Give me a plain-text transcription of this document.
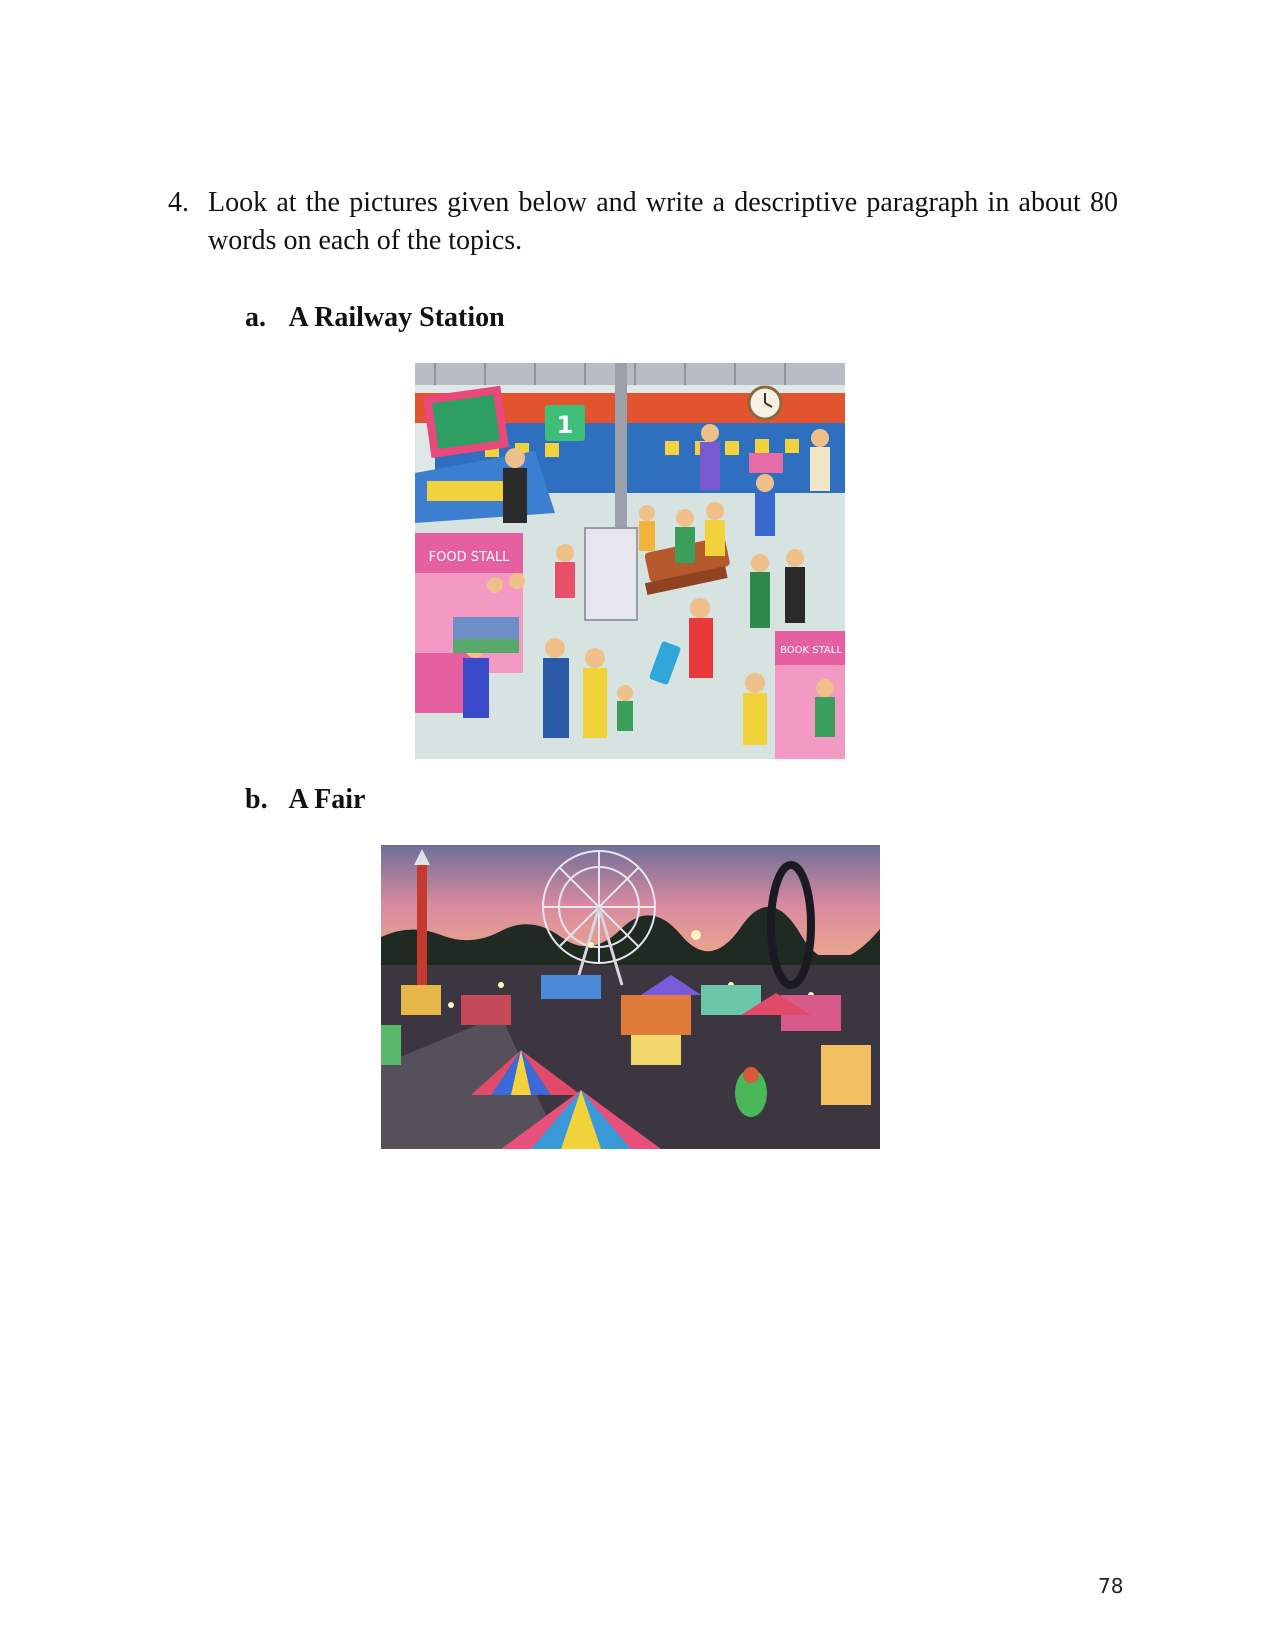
4. Look at the pictures given below and write a descriptive paragraph in about 80 words on each of the topics.
a. A Railway Station
1
FOOD STALL
BOOK STALL
b. A Fair
78
